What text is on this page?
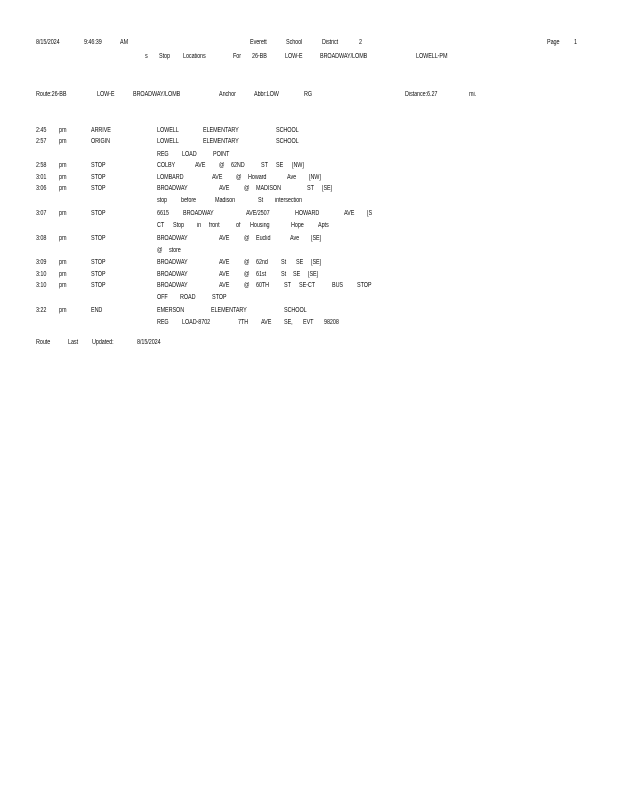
8/15/2024	9:46:39	AM	Everett	School	District	2	Page 1
s Stop Locations	For 26-BB	LOW-E	BROADWAY/LOMB	LOWELL-PM
Route:26-BB	LOW-E	BROADWAY/LOMB	Anchor	Abbr:LOW	RG	Distance:6.27	mi.
2:45 pm	ARRIVE	LOWELL	ELEMENTARY	SCHOOL
2:57 pm	ORIGIN	LOWELL	ELEMENTARY	SCHOOL
REG LOAD POINT
2:58 pm	STOP	COLBY	AVE @ 62ND ST SE [NW]
3:01 pm	STOP	LOMBARD	AVE @ Howard	Ave [NW]
3:06 pm	STOP	BROADWAY	AVE @ MADISON	ST [SE]
stop before	Madison	St intersection
3:07 pm	STOP	6615 BROADWAY	AVE/2507	HOWARD	AVE [S
CT Stop in front of Housing	Hope Apts
3:08 pm	STOP	BROADWAY	AVE @ Euclid	Ave [SE]
@ store
3:09 pm	STOP	BROADWAY	AVE @ 62nd St SE [SE]
3:10 pm	STOP	BROADWAY	AVE @ 61st St SE [SE]
3:10 pm	STOP	BROADWAY	AVE @ 60TH ST SE-CT BUS STOP
OFF ROAD STOP
3:22 pm	END	EMERSON	ELEMENTARY	SCHOOL
REG LOAD-8702	7TH AVE SE, EVT 98208
Route	Last Updated:	8/15/2024
